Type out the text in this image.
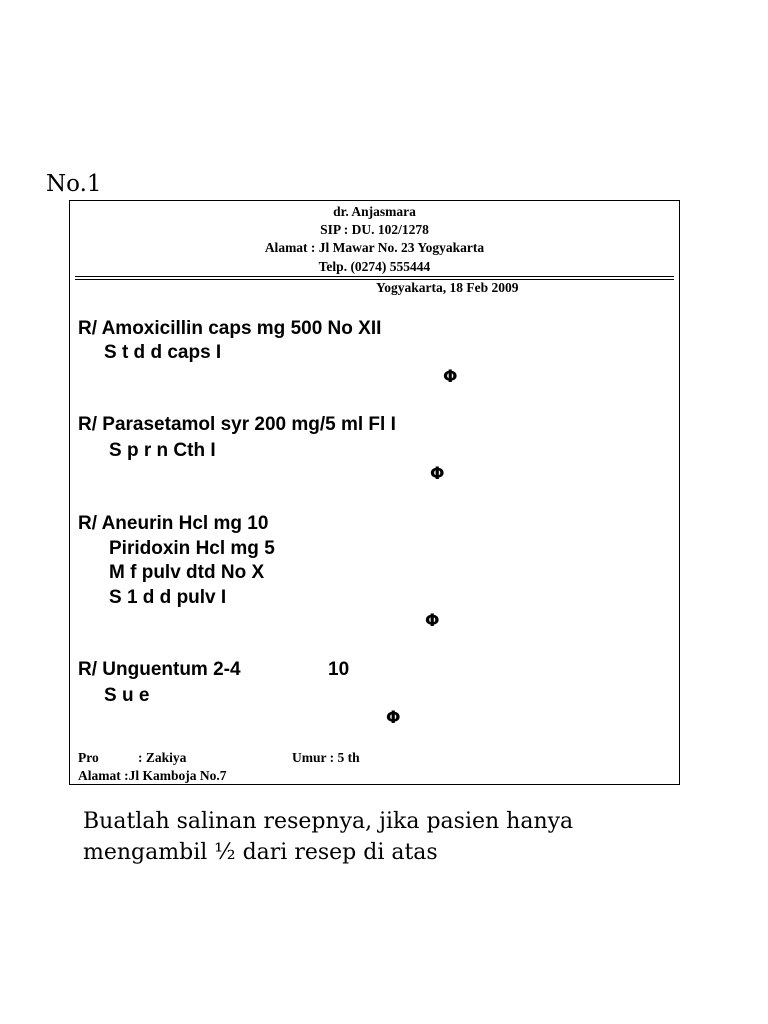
No.1
dr. Anjasmara
SIP : DU. 102/1278
Alamat : Jl Mawar No. 23 Yogyakarta
Telp. (0274) 555444
Yogyakarta, 18 Feb 2009
R/ Amoxicillin caps mg 500 No XII
S t d d caps I
Φ
R/ Parasetamol syr 200 mg/5 ml Fl I
S p r n Cth I
Φ
R/ Aneurin Hcl mg 10
Piridoxin Hcl mg 5
M f pulv dtd No X
S 1 d d pulv I
Φ
R/ Unguentum 2-4	10
S u e
Φ
Pro	: Zakiya	Umur : 5 th
Alamat :Jl Kamboja No.7
Buatlah salinan resepnya, jika pasien hanya
mengambil ½ dari resep di atas
